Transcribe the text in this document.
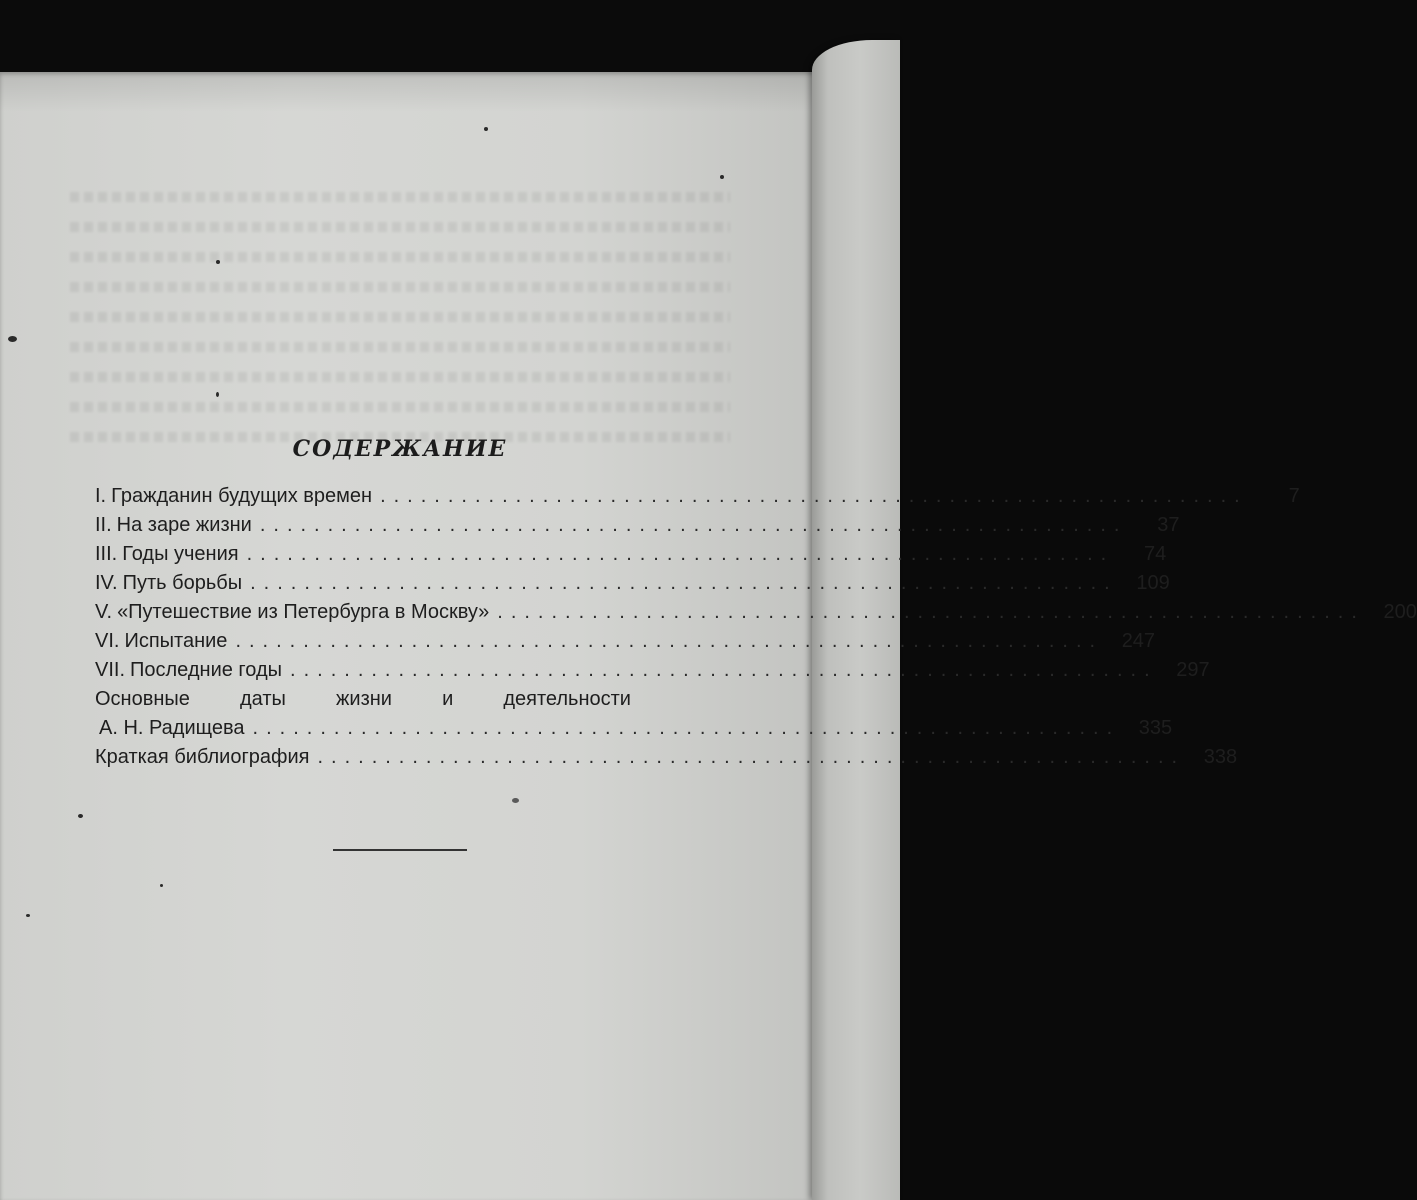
СОДЕРЖАНИЕ
I. Гражданин будущих времен ................................................................	7
II. На заре жизни ................................................................	37
III. Годы учения ................................................................	74
IV. Путь борьбы ................................................................ 109
V. «Путешествие из Петербурга в Москву» ................................................................ 200
VI. Испытание ................................................................ 247
VII. Последние годы ................................................................ 297
Основные	даты	жизни	и	деятельности
А. Н. Радищева ................................................................ 335
Краткая библиография ................................................................ 338
